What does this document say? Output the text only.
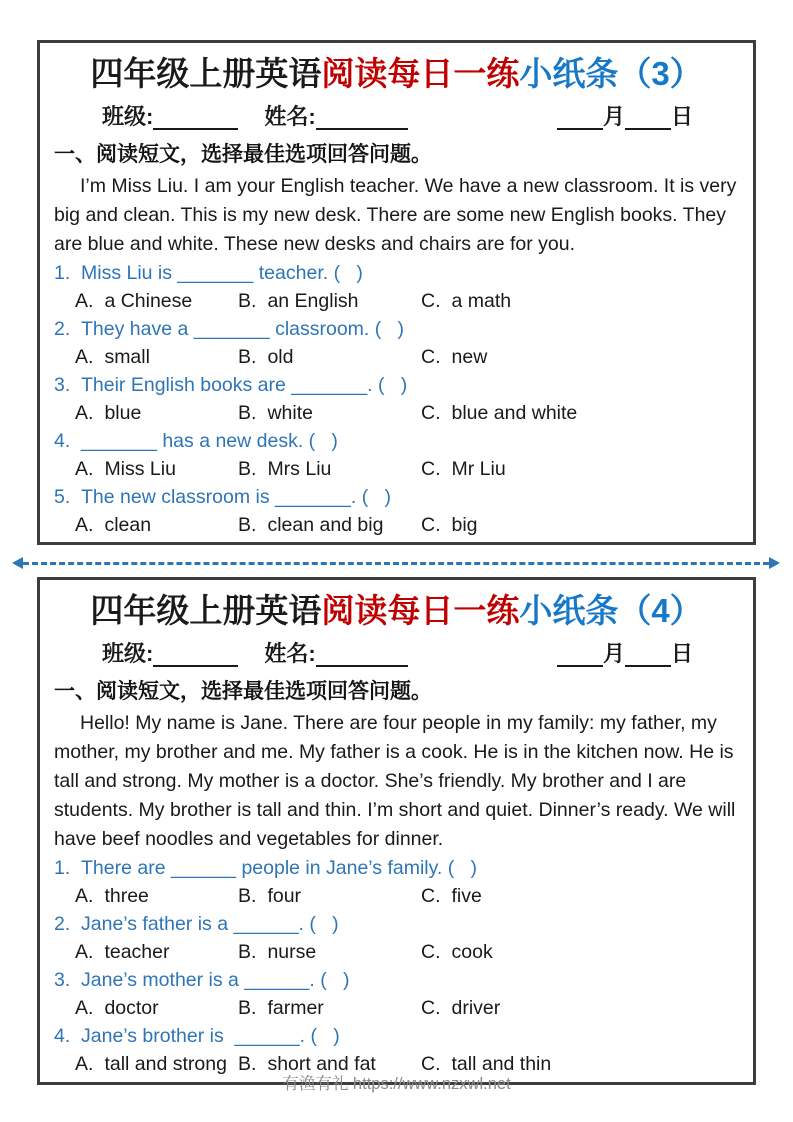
四年级上册英语阅读每日一练小纸条（3）
班级:	姓名:	月 日
一、阅读短文，选择最佳选项回答问题。

I’m Miss Liu. I am your English teacher. We have a new classroom. It is very big and clean. This is my new desk. There are some new English books. They are blue and white. These new desks and chairs are for you.

1. Miss Liu is _______ teacher. (   )
A. a Chinese B. an English	C. a math
2. They have a _______ classroom. (   )
A. small	B. old	C. new
3. Their English books are _______. (   )
A. blue	B. white	C. blue and white
4. _______ has a new desk. (   )
A. Miss Liu	B. Mrs Liu	C. Mr Liu
5. The new classroom is _______. (   )
A. clean	B. clean and big C. big
四年级上册英语阅读每日一练小纸条（4）
班级:	姓名:	月 日
一、阅读短文，选择最佳选项回答问题。

Hello! My name is Jane. There are four people in my family: my father, my mother, my brother and me. My father is a cook. He is in the kitchen now. He is tall and strong. My mother is a doctor. She’s friendly. My brother and I are students. My brother is tall and thin. I’m short and quiet. Dinner’s ready. We will have beef noodles and vegetables for dinner.

1. There are ______ people in Jane’s family. (   )
A. three	B. four	C. five
2. Jane’s father is a ______. (   )
A. teacher	B. nurse	C. cook
3. Jane’s mother is a ______. (   )
A. doctor	B. farmer	C. driver
4. Jane’s brother is  ______. (   )
A. tall and strong B. short and fat C. tall and thin
有渔有礼 https://www.nzxwl.net
